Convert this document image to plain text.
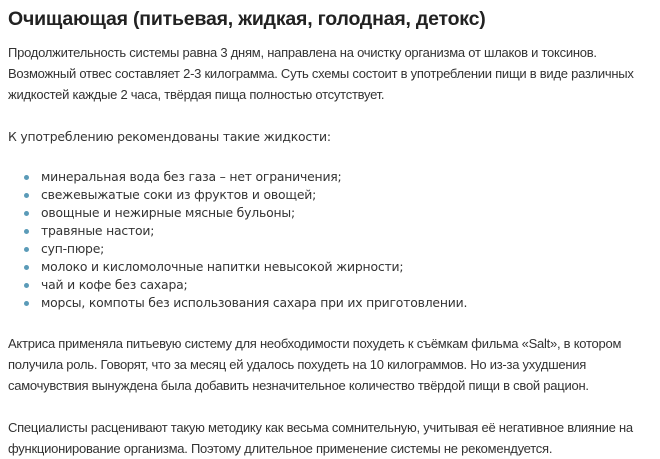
Очищающая (питьевая, жидкая, голодная, детокс)

Продолжительность системы равна 3 дням, направлена на очистку организма от шлаков и токсинов. Возможный отвес составляет 2-3 килограмма. Суть схемы состоит в употреблении пищи в виде различных жидкостей каждые 2 часа, твёрдая пища полностью отсутствует.

К употреблению рекомендованы такие жидкости:

минеральная вода без газа – нет ограничения;
свежевыжатые соки из фруктов и овощей;
овощные и нежирные мясные бульоны;
травяные настои;
суп-пюре;
молоко и кисломолочные напитки невысокой жирности;
чай и кофе без сахара;
морсы, компоты без использования сахара при их приготовлении.

Актриса применяла питьевую систему для необходимости похудеть к съёмкам фильма «Salt», в котором получила роль. Говорят, что за месяц ей удалось похудеть на 10 килограммов. Но из-за ухудшения самочувствия вынуждена была добавить незначительное количество твёрдой пищи в свой рацион.

Специалисты расценивают такую методику как весьма сомнительную, учитывая её негативное влияние на функционирование организма. Поэтому длительное применение системы не рекомендуется.
